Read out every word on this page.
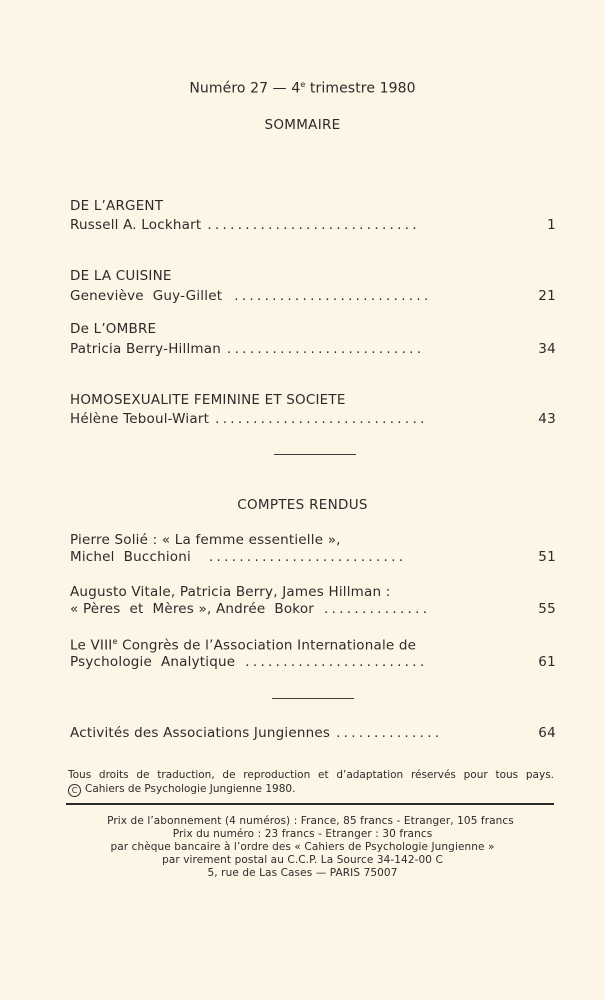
Numéro 27 — 4e trimestre 1980
SOMMAIRE
DE L’ARGENT
Russell A. Lockhart ............................	1
DE LA CUISINE
Geneviève  Guy-Gillet ..........................	21
De L’OMBRE
Patricia Berry-Hillman ..........................	34
HOMOSEXUALITE FEMININE ET SOCIETE
Hélène Teboul-Wiart ............................	43
COMPTES RENDUS
Pierre Solié : « La femme essentielle »,
Michel  Bucchioni ..........................	51
Augusto Vitale, Patricia Berry, James Hillman :
« Pères  et  Mères », Andrée  Bokor ..............	55
Le VIIIe Congrès de l’Association Internationale de
Psychologie  Analytique ........................	61
Activités des Associations Jungiennes ..............	64
Tous droits de traduction, de reproduction et d’adaptation réservés pour tous pays.
C Cahiers de Psychologie Jungienne 1980.
Prix de l’abonnement (4 numéros) : France, 85 francs - Etranger, 105 francs
Prix du numéro : 23 francs - Etranger : 30 francs
par chèque bancaire à l’ordre des « Cahiers de Psychologie Jungienne »
par virement postal au C.C.P. La Source 34-142-00 C
5, rue de Las Cases — PARIS 75007
